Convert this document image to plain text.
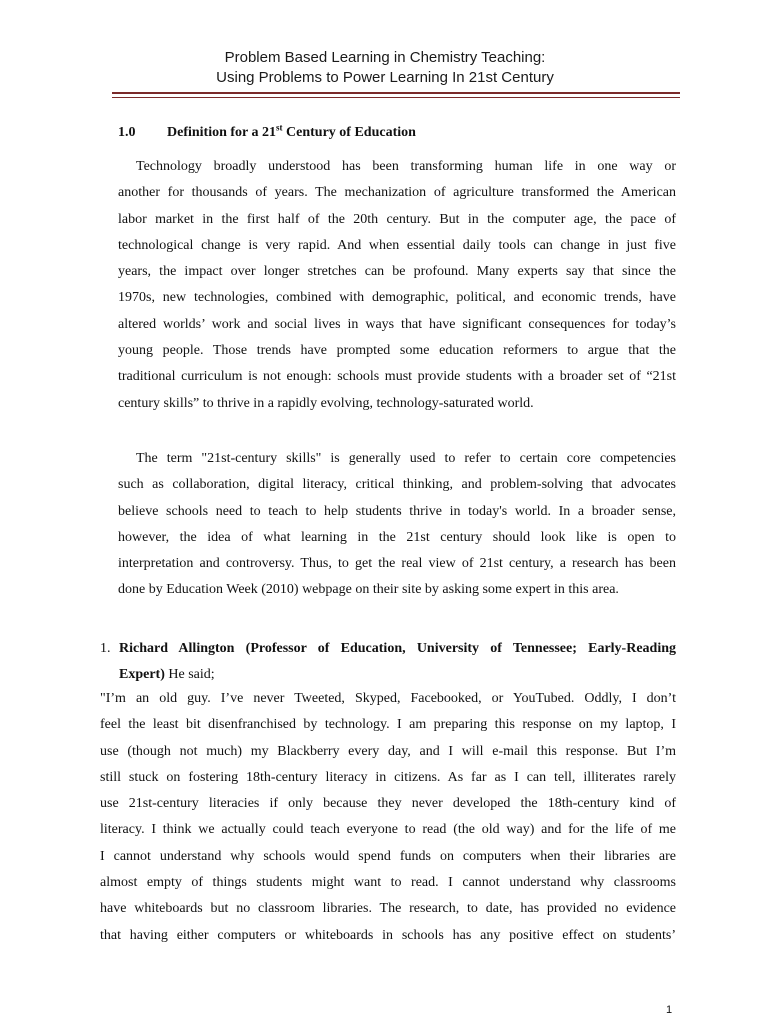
Problem Based Learning in Chemistry Teaching:
Using Problems to Power Learning In 21st Century
1.0 Definition for a 21st Century of Education
Technology broadly understood has been transforming human life in one way or
another for thousands of years. The mechanization of agriculture transformed the American
labor market in the first half of the 20th century. But in the computer age, the pace of
technological change is very rapid. And when essential daily tools can change in just five
years, the impact over longer stretches can be profound. Many experts say that since the
1970s, new technologies, combined with demographic, political, and economic trends, have
altered worlds’ work and social lives in ways that have significant consequences for today’s
young people. Those trends have prompted some education reformers to argue that the
traditional curriculum is not enough: schools must provide students with a broader set of “21st
century skills” to thrive in a rapidly evolving, technology-saturated world.
The term "21st-century skills" is generally used to refer to certain core competencies
such as collaboration, digital literacy, critical thinking, and problem-solving that advocates
believe schools need to teach to help students thrive in today's world. In a broader sense,
however, the idea of what learning in the 21st century should look like is open to
interpretation and controversy. Thus, to get the real view of 21st century, a research has been
done by Education Week (2010) webpage on their site by asking some expert in this area.
1. Richard Allington (Professor of Education, University of Tennessee; Early-Reading
Expert) He said;
"I’m an old guy. I’ve never Tweeted, Skyped, Facebooked, or YouTubed. Oddly, I don’t
feel the least bit disenfranchised by technology. I am preparing this response on my laptop, I
use (though not much) my Blackberry every day, and I will e-mail this response. But I’m
still stuck on fostering 18th-century literacy in citizens. As far as I can tell, illiterates rarely
use 21st-century literacies if only because they never developed the 18th-century kind of
literacy. I think we actually could teach everyone to read (the old way) and for the life of me
I cannot understand why schools would spend funds on computers when their libraries are
almost empty of things students might want to read. I cannot understand why classrooms
have whiteboards but no classroom libraries. The research, to date, has provided no evidence
that having either computers or whiteboards in schools has any positive effect on students’
1
